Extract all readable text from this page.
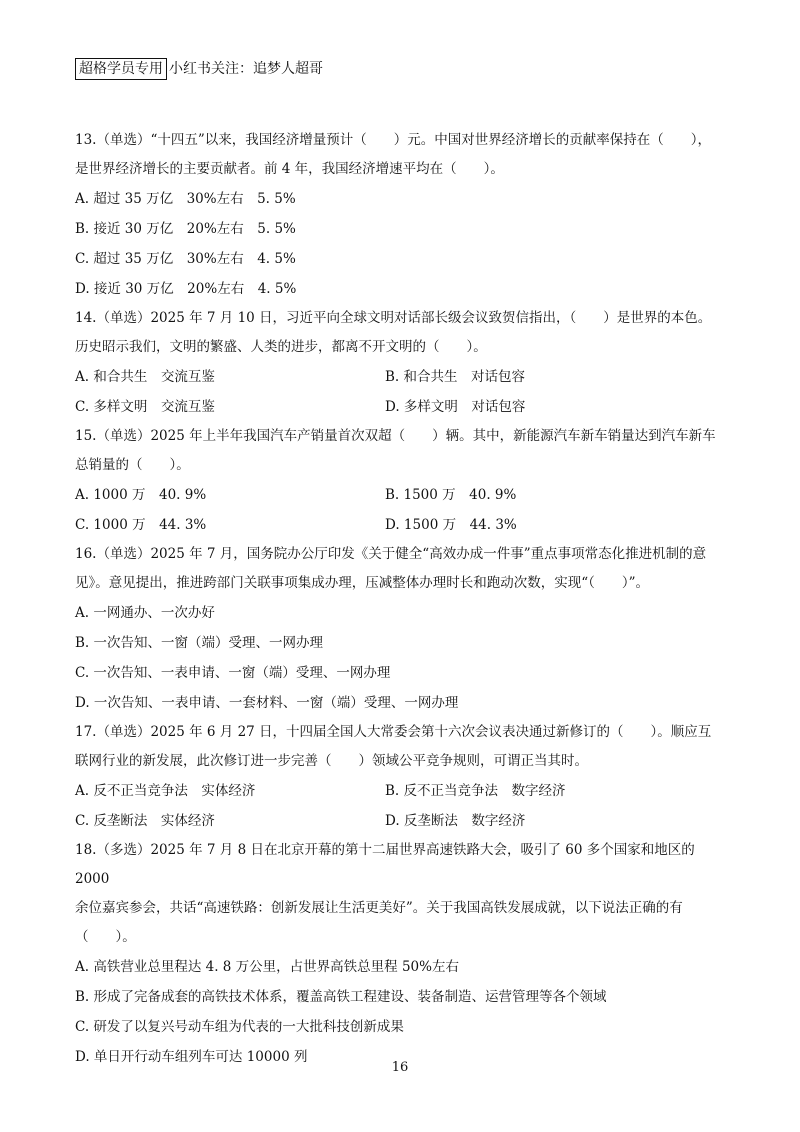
超格学员专用 小红书关注：追梦人超哥
13.（单选）“十四五”以来，我国经济增量预计（　　）元。中国对世界经济增长的贡献率保持在（　　），
是世界经济增长的主要贡献者。前 4 年，我国经济增速平均在（　　）。
A. 超过 35 万亿　30%左右　5. 5%
B. 接近 30 万亿　20%左右　5. 5%
C. 超过 35 万亿　30%左右　4. 5%
D. 接近 30 万亿　20%左右　4. 5%
14.（单选）2025 年 7 月 10 日，习近平向全球文明对话部长级会议致贺信指出，（　　）是世界的本色。
历史昭示我们，文明的繁盛、人类的进步，都离不开文明的（　　）。
A. 和合共生　交流互鉴	B. 和合共生　对话包容
C. 多样文明　交流互鉴	D. 多样文明　对话包容
15.（单选）2025 年上半年我国汽车产销量首次双超（　　）辆。其中，新能源汽车新车销量达到汽车新车
总销量的（　　）。
A. 1000 万　40. 9%	B. 1500 万　40. 9%
C. 1000 万　44. 3%	D. 1500 万　44. 3%
16.（单选）2025 年 7 月，国务院办公厅印发《关于健全“高效办成一件事”重点事项常态化推进机制的意
见》。意见提出，推进跨部门关联事项集成办理，压减整体办理时长和跑动次数，实现“（　　）”。
A. 一网通办、一次办好
B. 一次告知、一窗（端）受理、一网办理
C. 一次告知、一表申请、一窗（端）受理、一网办理
D. 一次告知、一表申请、一套材料、一窗（端）受理、一网办理
17.（单选）2025 年 6 月 27 日，十四届全国人大常委会第十六次会议表决通过新修订的（　　）。顺应互
联网行业的新发展，此次修订进一步完善（　　）领域公平竞争规则，可谓正当其时。
A. 反不正当竞争法　实体经济	B. 反不正当竞争法　数字经济
C. 反垄断法　实体经济	D. 反垄断法　数字经济
18.（多选）2025 年 7 月 8 日在北京开幕的第十二届世界高速铁路大会，吸引了 60 多个国家和地区的 2000
余位嘉宾参会，共话“高速铁路：创新发展让生活更美好”。关于我国高铁发展成就，以下说法正确的有（　　）。
A. 高铁营业总里程达 4. 8 万公里，占世界高铁总里程 50%左右
B. 形成了完备成套的高铁技术体系，覆盖高铁工程建设、装备制造、运营管理等各个领域
C. 研发了以复兴号动车组为代表的一大批科技创新成果
D. 单日开行动车组列车可达 10000 列
16
